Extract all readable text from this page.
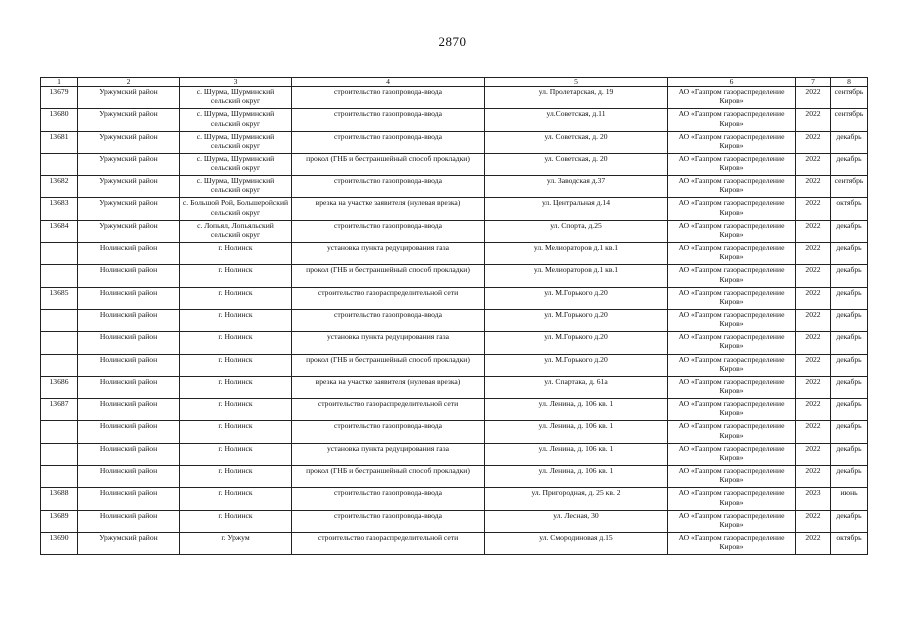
2870
1	2	3	4	5	6	7	8
13679	Уржумский район	с. Шурма, Шурминский сельский округ	строительство газопровода-ввода	ул. Пролетарская, д. 19	АО «Газпром газораспределение Киров»	2022	сентябрь
13680	Уржумский район	с. Шурма, Шурминский сельский округ	строительство газопровода-ввода	ул.Советская, д.11	АО «Газпром газораспределение Киров»	2022	сентябрь
13681	Уржумский район	с. Шурма, Шурминский сельский округ	строительство газопровода-ввода	ул. Советская, д. 20	АО «Газпром газораспределение Киров»	2022	декабрь
	Уржумский район	с. Шурма, Шурминский сельский округ	прокол (ГНБ и бестраншейный способ прокладки)	ул. Советская, д. 20	АО «Газпром газораспределение Киров»	2022	декабрь
13682	Уржумский район	с. Шурма, Шурминский сельский округ	строительство газопровода-ввода	ул. Заводская д.37	АО «Газпром газораспределение Киров»	2022	сентябрь
13683	Уржумский район	с. Большой Рой, Большеройский сельский округ	врезка на участке заявителя (нулевая врезка)	ул. Центральная д.14	АО «Газпром газораспределение Киров»	2022	октябрь
13684	Уржумский район	с. Лопьял, Лопьяльский сельский округ	строительство газопровода-ввода	ул. Спорта, д.25	АО «Газпром газораспределение Киров»	2022	декабрь
	Нолинский район	г. Нолинск	установка пункта редуцирования газа	ул. Мелиораторов д.1 кв.1	АО «Газпром газораспределение Киров»	2022	декабрь
	Нолинский район	г. Нолинск	прокол (ГНБ и бестраншейный способ прокладки)	ул. Мелиораторов д.1 кв.1	АО «Газпром газораспределение Киров»	2022	декабрь
13685	Нолинский район	г. Нолинск	строительство газораспределительной сети	ул. М.Горького д.20	АО «Газпром газораспределение Киров»	2022	декабрь
	Нолинский район	г. Нолинск	строительство газопровода-ввода	ул. М.Горького д.20	АО «Газпром газораспределение Киров»	2022	декабрь
	Нолинский район	г. Нолинск	установка пункта редуцирования газа	ул. М.Горького д.20	АО «Газпром газораспределение Киров»	2022	декабрь
	Нолинский район	г. Нолинск	прокол (ГНБ и бестраншейный способ прокладки)	ул. М.Горького д.20	АО «Газпром газораспределение Киров»	2022	декабрь
13686	Нолинский район	г. Нолинск	врезка на участке заявителя (нулевая врезка)	ул. Спартака, д. 61а	АО «Газпром газораспределение Киров»	2022	декабрь
13687	Нолинский район	г. Нолинск	строительство газораспределительной сети	ул. Ленина, д. 106 кв. 1	АО «Газпром газораспределение Киров»	2022	декабрь
	Нолинский район	г. Нолинск	строительство газопровода-ввода	ул. Ленина, д. 106 кв. 1	АО «Газпром газораспределение Киров»	2022	декабрь
	Нолинский район	г. Нолинск	установка пункта редуцирования газа	ул. Ленина, д. 106 кв. 1	АО «Газпром газораспределение Киров»	2022	декабрь
	Нолинский район	г. Нолинск	прокол (ГНБ и бестраншейный способ прокладки)	ул. Ленина, д. 106 кв. 1	АО «Газпром газораспределение Киров»	2022	декабрь
13688	Нолинский район	г. Нолинск	строительство газопровода-ввода	ул. Пригородная, д. 25 кв. 2	АО «Газпром газораспределение Киров»	2023	июнь
13689	Нолинский район	г. Нолинск	строительство газопровода-ввода	ул. Лесная, 30	АО «Газпром газораспределение Киров»	2022	декабрь
13690	Уржумский район	г. Уржум	строительство газораспределительной сети	ул. Смородиновая д.15	АО «Газпром газораспределение Киров»	2022	октябрь
